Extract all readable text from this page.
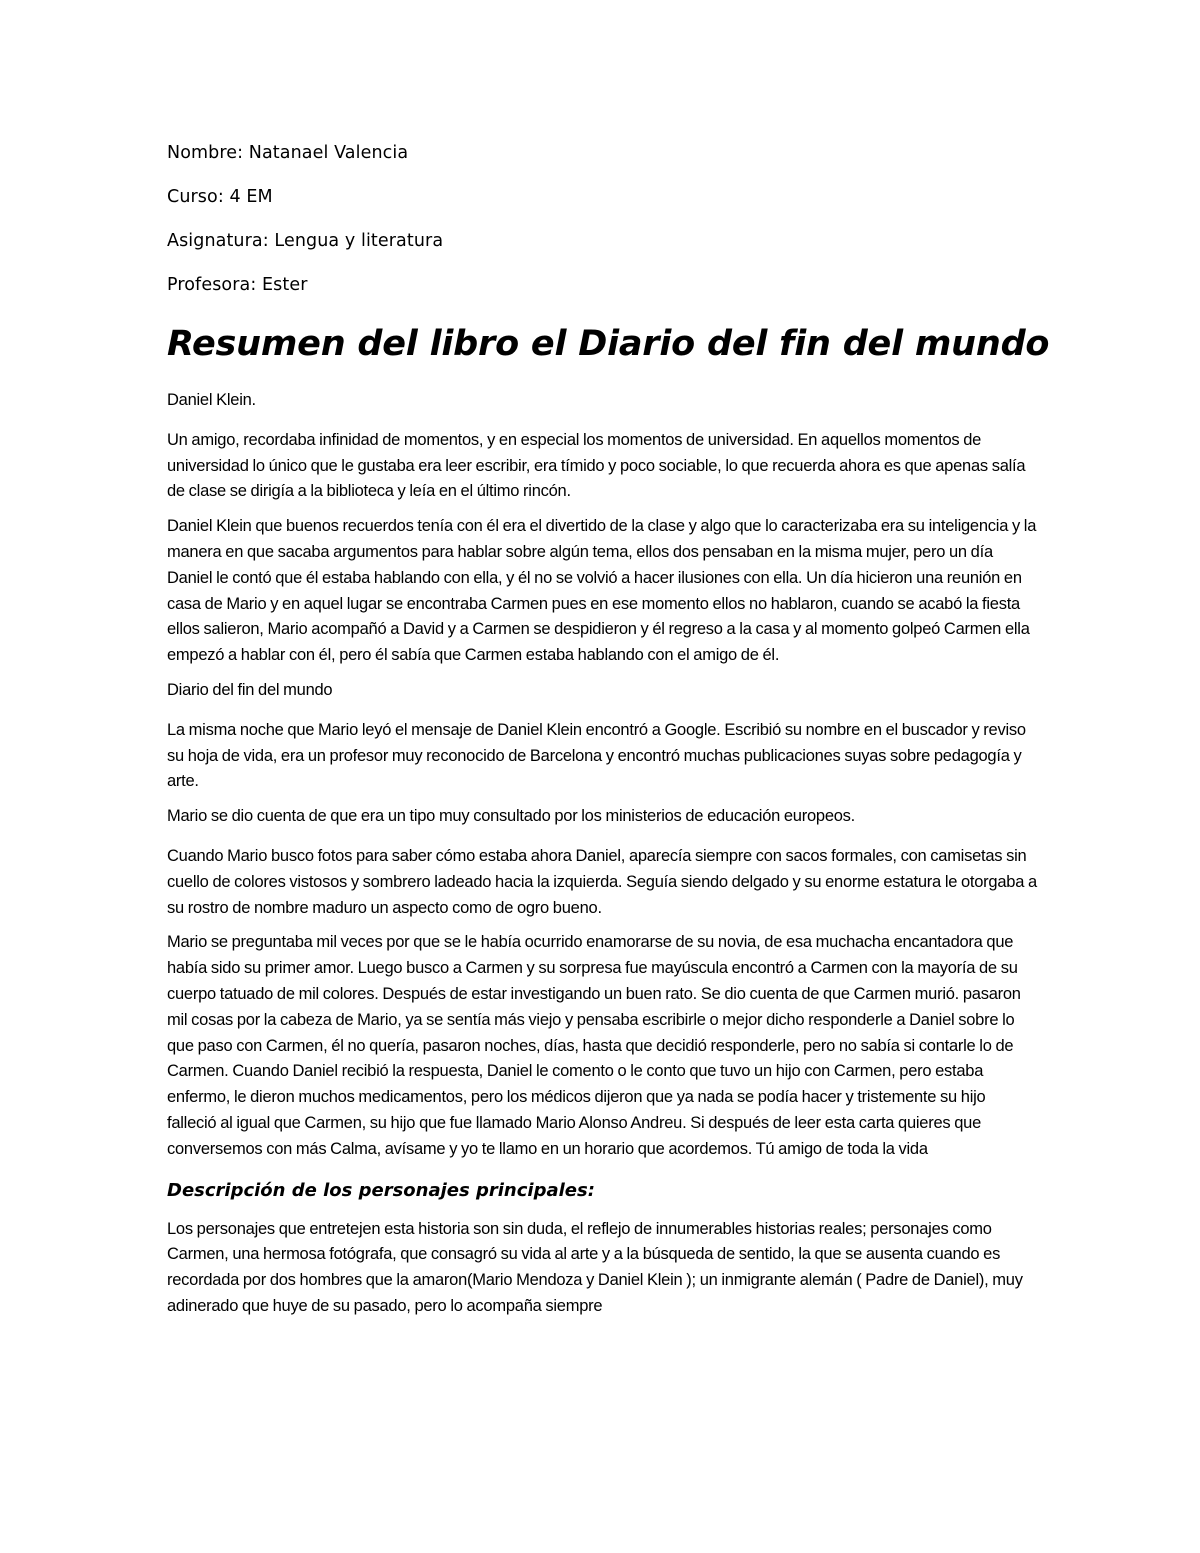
Nombre: Natanael Valencia
Curso: 4 EM
Asignatura: Lengua y literatura
Profesora: Ester
Resumen del libro el Diario del fin del mundo

Daniel Klein.

Un amigo, recordaba infinidad de momentos, y en especial los momentos de universidad. En aquellos momentos de universidad lo único que le gustaba era leer escribir, era tímido y poco sociable, lo que recuerda ahora es que apenas salía de clase se dirigía a la biblioteca y leía en el último rincón.

Daniel Klein que buenos recuerdos tenía con él era el divertido de la clase y algo que lo caracterizaba era su inteligencia y la manera en que sacaba argumentos para hablar sobre algún tema, ellos dos pensaban en la misma mujer, pero un día Daniel le contó que él estaba hablando con ella, y él no se volvió a hacer ilusiones con ella. Un día hicieron una reunión en casa de Mario y en aquel lugar se encontraba Carmen pues en ese momento ellos no hablaron, cuando se acabó la fiesta ellos salieron, Mario acompañó a David y a Carmen se despidieron y él regreso a la casa y al momento golpeó Carmen ella empezó a hablar con él, pero él sabía que Carmen estaba hablando con el amigo de él.

Diario del fin del mundo

La misma noche que Mario leyó el mensaje de Daniel Klein encontró a Google. Escribió su nombre en el buscador y reviso su hoja de vida, era un profesor muy reconocido de Barcelona y encontró muchas publicaciones suyas sobre pedagogía y arte.

Mario se dio cuenta de que era un tipo muy consultado por los ministerios de educación europeos.

Cuando Mario busco fotos para saber cómo estaba ahora Daniel, aparecía siempre con sacos formales, con camisetas sin cuello de colores vistosos y sombrero ladeado hacia la izquierda. Seguía siendo delgado y su enorme estatura le otorgaba a su rostro de nombre maduro un aspecto como de ogro bueno.

Mario se preguntaba mil veces por que se le había ocurrido enamorarse de su novia, de esa muchacha encantadora que había sido su primer amor. Luego busco a Carmen y su sorpresa fue mayúscula encontró a Carmen con la mayoría de su cuerpo tatuado de mil colores. Después de estar investigando un buen rato. Se dio cuenta de que Carmen murió. pasaron mil cosas por la cabeza de Mario, ya se sentía más viejo y pensaba escribirle o mejor dicho responderle a Daniel sobre lo que paso con Carmen, él no quería, pasaron noches, días, hasta que decidió responderle, pero no sabía si contarle lo de Carmen. Cuando Daniel recibió la respuesta, Daniel le comento o le conto que tuvo un hijo con Carmen, pero estaba enfermo, le dieron muchos medicamentos, pero los médicos dijeron que ya nada se podía hacer y tristemente su hijo falleció al igual que Carmen, su hijo que fue llamado Mario Alonso Andreu. Si después de leer esta carta quieres que conversemos con más Calma, avísame y yo te llamo en un horario que acordemos. Tú amigo de toda la vida

Descripción de los personajes principales:

Los personajes que entretejen esta historia son sin duda, el reflejo de innumerables historias reales; personajes como Carmen, una hermosa fotógrafa, que consagró su vida al arte y a la búsqueda de sentido, la que se ausenta cuando es recordada por dos hombres que la amaron(Mario Mendoza y Daniel Klein ); un inmigrante alemán ( Padre de Daniel), muy adinerado que huye de su pasado, pero lo acompaña siempre
